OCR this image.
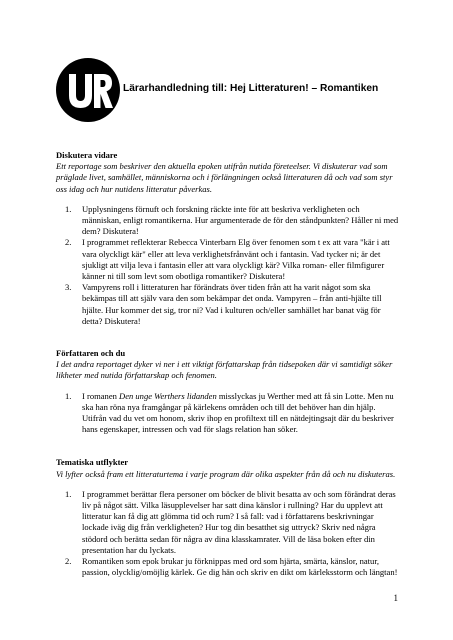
Lärarhandledning till: Hej Litteraturen! – Romantiken

Diskutera vidare

Ett reportage som beskriver den aktuella epoken utifrån nutida företeelser. Vi diskuterar vad som präglade livet, samhället, människorna och i förlängningen också litteraturen då och vad som styr oss idag och hur nutidens litteratur påverkas.

1. Upplysningens förnuft och forskning räckte inte för att beskriva verkligheten och människan, enligt romantikerna. Hur argumenterade de för den ståndpunkten? Håller ni med dem? Diskutera!
2. I programmet reflekterar Rebecca Vinterbarn Elg över fenomen som t ex att vara "kär i att vara olyckligt kär" eller att leva verklighetsfrånvänt och i fantasin. Vad tycker ni; är det sjukligt att vilja leva i fantasin eller att vara olyckligt kär? Vilka roman- eller filmfigurer känner ni till som levt som obotliga romantiker? Diskutera!
3. Vampyrens roll i litteraturen har förändrats över tiden från att ha varit något som ska bekämpas till att själv vara den som bekämpar det onda. Vampyren – från anti-hjälte till hjälte. Hur kommer det sig, tror ni? Vad i kulturen och/eller samhället har banat väg för detta? Diskutera!

Författaren och du

I det andra reportaget dyker vi ner i ett viktigt författarskap från tidsepoken där vi samtidigt söker likheter med nutida författarskap och fenomen.

1. I romanen Den unge Werthers lidanden misslyckas ju Werther med att få sin Lotte. Men nu ska han röna nya framgångar på kärlekens områden och till det behöver han din hjälp. Utifrån vad du vet om honom, skriv ihop en profiltext till en nätdejtingsajt där du beskriver hans egenskaper, intressen och vad för slags relation han söker.

Tematiska utflykter

Vi lyfter också fram ett litteraturtema i varje program där olika aspekter från då och nu diskuteras.

1. I programmet berättar flera personer om böcker de blivit besatta av och som förändrat deras liv på något sätt. Vilka läsupplevelser har satt dina känslor i rullning? Har du upplevt att litteratur kan få dig att glömma tid och rum? I så fall: vad i författarens beskrivningar lockade iväg dig från verkligheten? Hur tog din besatthet sig uttryck? Skriv ned några stödord och berätta sedan för några av dina klasskamrater. Vill de läsa boken efter din presentation har du lyckats.
2. Romantiken som epok brukar ju förknippas med ord som hjärta, smärta, känslor, natur, passion, olycklig/omöjlig kärlek. Ge dig hän och skriv en dikt om kärleksstorm och längtan!
1
